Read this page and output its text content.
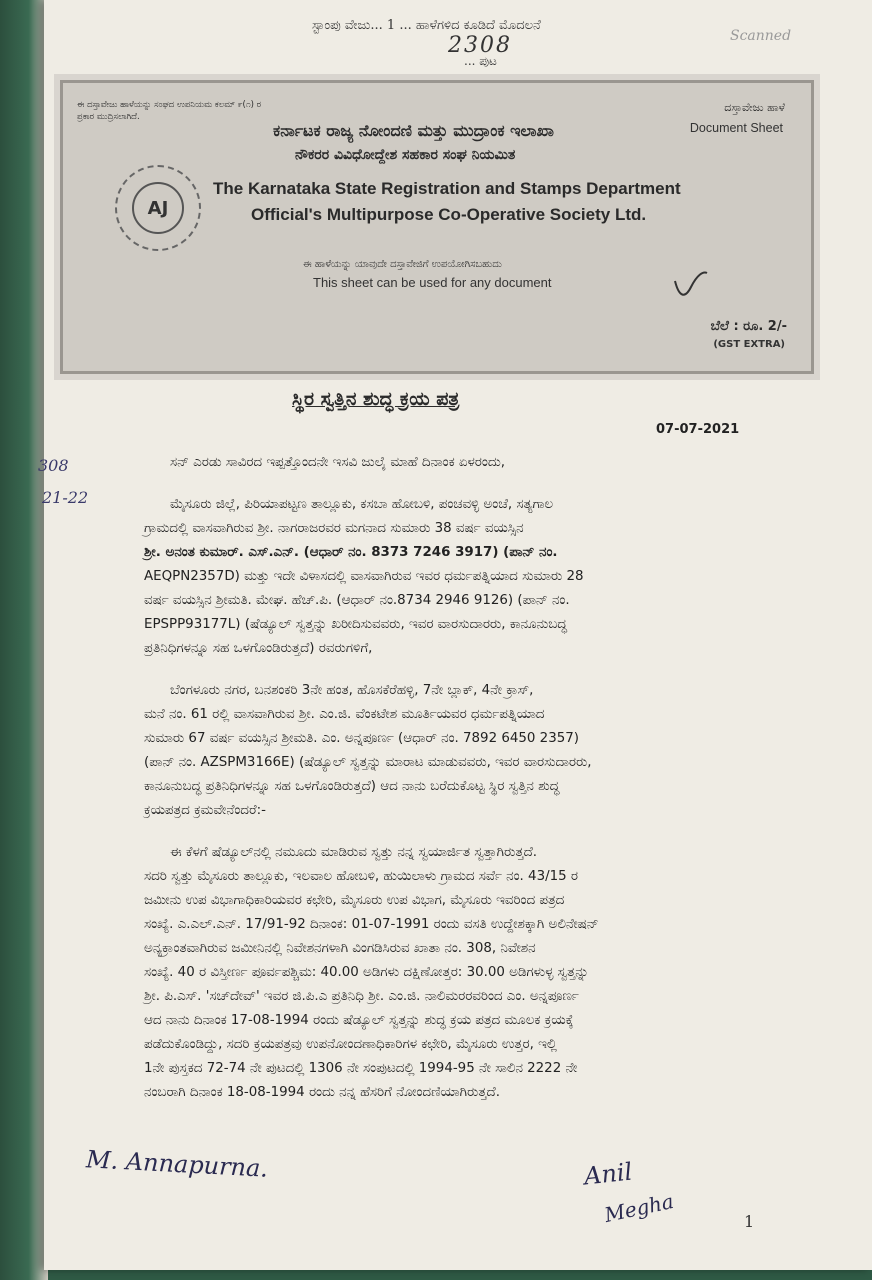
ಸ್ಟಾಂಪು ವೇಜು... 1 ... ಹಾಳೆಗಳಿದ ಕೂಡಿದೆ ಮೊದಲನೆ
... ಪುಟ
2308	Scanned
ಈ ದಸ್ತಾವೇಜು ಹಾಳೆಯನ್ನು ಸಂಘದ ಉಪನಿಯಮ ಕಲಮ್ ೯(೧) ರ ಪ್ರಕಾರ ಮುದ್ರಿಸಲಾಗಿದೆ.
ದಸ್ತಾವೇಜು ಹಾಳೆ
Document Sheet
ಕರ್ನಾಟಕ ರಾಜ್ಯ ನೋಂದಣಿ ಮತ್ತು ಮುದ್ರಾಂಕ ಇಲಾಖಾ
ನೌಕರರ ವಿವಿಧೋದ್ದೇಶ ಸಹಕಾರ ಸಂಘ ನಿಯಮಿತ
The Karnataka State Registration and Stamps Department
Official's Multipurpose Co-Operative Society Ltd.
AJ
ಈ ಹಾಳೆಯನ್ನು ಯಾವುದೇ ದಸ್ತಾವೇಜಿಗೆ ಉಪಯೋಗಿಸಬಹುದು
This sheet can be used for any document
ಬೆಲೆ : ರೂ. 2/-
(GST EXTRA)
ಸ್ಥಿರ ಸ್ವತ್ತಿನ ಶುದ್ಧ ಕ್ರಯ ಪತ್ರ
07-07-2021
308
21-22
ಸನ್ ಎರಡು ಸಾವಿರದ ಇಪ್ಪತ್ತೊಂದನೇ ಇಸವಿ ಜುಲೈ ಮಾಹೆ ದಿನಾಂಕ ಏಳರಂದು,
ಮೈಸೂರು ಜಿಲ್ಲೆ, ಪಿರಿಯಾಪಟ್ಟಣ ತಾಲ್ಲೂಕು, ಕಸಬಾ ಹೋಬಳಿ, ಪಂಚವಳ್ಳಿ ಅಂಚೆ, ಸತ್ಯಗಾಲ
ಗ್ರಾಮದಲ್ಲಿ ವಾಸವಾಗಿರುವ ಶ್ರೀ. ನಾಗರಾಜರವರ ಮಗನಾದ ಸುಮಾರು 38 ವರ್ಷ ವಯಸ್ಸಿನ
ಶ್ರೀ. ಅನಂತ ಕುಮಾರ್. ಎಸ್.ಎನ್. (ಆಧಾರ್ ನಂ. 8373 7246 3917) (ಪಾನ್ ನಂ.
AEQPN2357D) ಮತ್ತು ಇದೇ ವಿಳಾಸದಲ್ಲಿ ವಾಸವಾಗಿರುವ ಇವರ ಧರ್ಮಪತ್ನಿಯಾದ ಸುಮಾರು 28
ವರ್ಷ ವಯಸ್ಸಿನ ಶ್ರೀಮತಿ. ಮೇಘ. ಹೆಚ್.ಪಿ. (ಆಧಾರ್ ನಂ.8734 2946 9126) (ಪಾನ್ ನಂ.
EPSPP93177L) (ಷೆಡ್ಯೂಲ್ ಸ್ವತ್ತನ್ನು ಖರೀದಿಸುವವರು, ಇವರ ವಾರಸುದಾರರು, ಕಾನೂನುಬದ್ಧ
ಪ್ರತಿನಿಧಿಗಳನ್ನೂ ಸಹ ಒಳಗೊಂಡಿರುತ್ತದೆ) ರವರುಗಳಿಗೆ,
ಬೆಂಗಳೂರು ನಗರ, ಬನಶಂಕರಿ 3ನೇ ಹಂತ, ಹೊಸಕೆರೆಹಳ್ಳಿ, 7ನೇ ಬ್ಲಾಕ್, 4ನೇ ಕ್ರಾಸ್,
ಮನೆ ನಂ. 61 ರಲ್ಲಿ ವಾಸವಾಗಿರುವ ಶ್ರೀ. ಎಂ.ಜಿ. ವೆಂಕಟೇಶ ಮೂರ್ತಿಯವರ ಧರ್ಮಪತ್ನಿಯಾದ
ಸುಮಾರು 67 ವರ್ಷ ವಯಸ್ಸಿನ ಶ್ರೀಮತಿ. ಎಂ. ಅನ್ನಪೂರ್ಣ (ಆಧಾರ್ ನಂ. 7892 6450 2357)
(ಪಾನ್ ನಂ. AZSPM3166E) (ಷೆಡ್ಯೂಲ್ ಸ್ವತ್ತನ್ನು ಮಾರಾಟ ಮಾಡುವವರು, ಇವರ ವಾರಸುದಾರರು,
ಕಾನೂನುಬದ್ಧ ಪ್ರತಿನಿಧಿಗಳನ್ನೂ ಸಹ ಒಳಗೊಂಡಿರುತ್ತದೆ) ಆದ ನಾನು ಬರೆದುಕೊಟ್ಟ ಸ್ಥಿರ ಸ್ವತ್ತಿನ ಶುದ್ಧ
ಕ್ರಯಪತ್ರದ ಕ್ರಮವೇನೆಂದರೆ:-
ಈ ಕೆಳಗೆ ಷೆಡ್ಯೂಲ್‌ನಲ್ಲಿ ನಮೂದು ಮಾಡಿರುವ ಸ್ವತ್ತು ನನ್ನ ಸ್ವಯಾರ್ಜಿತ ಸ್ವತ್ತಾಗಿರುತ್ತದೆ.
ಸದರಿ ಸ್ವತ್ತು ಮೈಸೂರು ತಾಲ್ಲೂಕು, ಇಲವಾಲ ಹೋಬಳಿ, ಹುಯಿಲಾಳು ಗ್ರಾಮದ ಸರ್ವೆ ನಂ. 43/15 ರ
ಜಮೀನು ಉಪ ವಿಭಾಗಾಧಿಕಾರಿಯವರ ಕಛೇರಿ, ಮೈಸೂರು ಉಪ ವಿಭಾಗ, ಮೈಸೂರು ಇವರಿಂದ ಪತ್ರದ
ಸಂಖ್ಯೆ. ಎ.ಎಲ್.ಎನ್. 17/91-92 ದಿನಾಂಕ: 01-07-1991 ರಂದು ವಸತಿ ಉದ್ದೇಶಕ್ಕಾಗಿ ಅಲಿನೇಷನ್
ಅನ್ಯಕ್ರಾಂತವಾಗಿರುವ ಜಮೀನಿನಲ್ಲಿ ನಿವೇಶನಗಳಾಗಿ ವಿಂಗಡಿಸಿರುವ ಖಾತಾ ನಂ. 308, ನಿವೇಶನ
ಸಂಖ್ಯೆ. 40 ರ ವಿಸ್ತೀರ್ಣ ಪೂರ್ವಪಶ್ಚಿಮ: 40.00 ಅಡಿಗಳು ದಕ್ಷಿಣೋತ್ತರ: 30.00 ಅಡಿಗಳುಳ್ಳ ಸ್ವತ್ತನ್ನು
ಶ್ರೀ. ಪಿ.ಎಸ್. 'ಸಚ್‌ದೇವ್' ಇವರ ಜಿ.ಪಿ.ಎ ಪ್ರತಿನಿಧಿ ಶ್ರೀ. ಎಂ.ಜಿ. ನಾಲಿಮರರವರಿಂದ ಎಂ. ಅನ್ನಪೂರ್ಣ
ಆದ ನಾನು ದಿನಾಂಕ 17-08-1994 ರಂದು ಷೆಡ್ಯೂಲ್ ಸ್ವತ್ತನ್ನು ಶುದ್ಧ ಕ್ರಯ ಪತ್ರದ ಮೂಲಕ ಕ್ರಯಕ್ಕೆ
ಪಡೆದುಕೊಂಡಿದ್ದು, ಸದರಿ ಕ್ರಯಪತ್ರವು ಉಪನೋಂದಣಾಧಿಕಾರಿಗಳ ಕಛೇರಿ, ಮೈಸೂರು ಉತ್ತರ, ಇಲ್ಲಿ
1ನೇ ಪುಸ್ತಕದ 72-74 ನೇ ಪುಟದಲ್ಲಿ 1306 ನೇ ಸಂಪುಟದಲ್ಲಿ 1994-95 ನೇ ಸಾಲಿನ 2222 ನೇ
ನಂಬರಾಗಿ ದಿನಾಂಕ 18-08-1994 ರಂದು ನನ್ನ ಹೆಸರಿಗೆ ನೋಂದಣಿಯಾಗಿರುತ್ತದೆ.
M. Annapurna.	Anil
Megha	1
